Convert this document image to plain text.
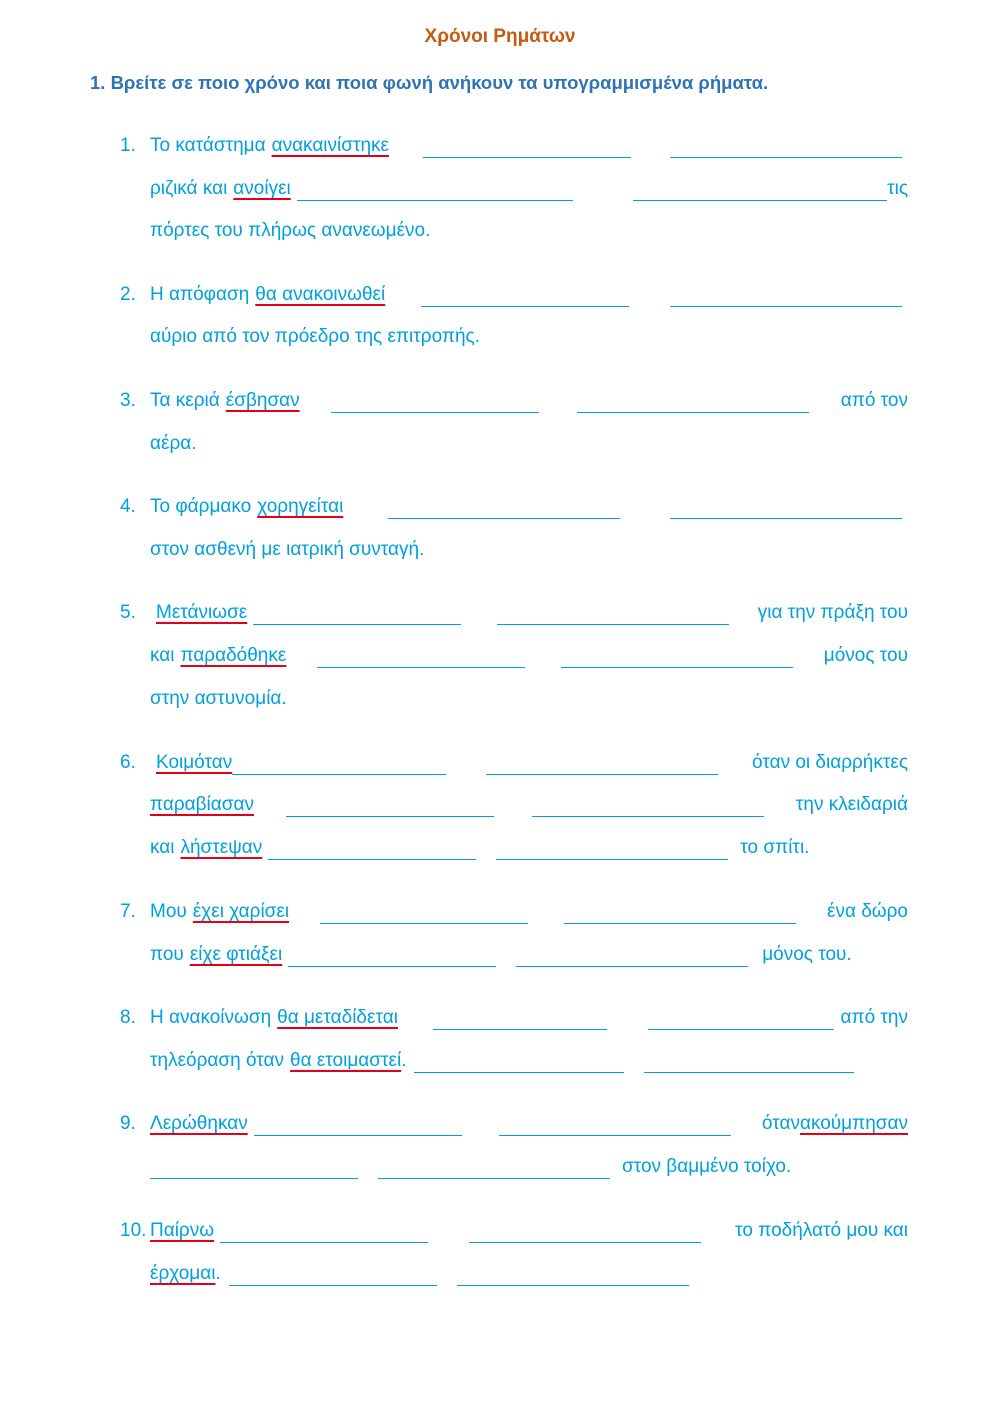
Χρόνοι Ρημάτων
1. Βρείτε σε ποιο χρόνο και ποια φωνή ανήκουν τα υπογραμμισμένα ρήματα.
1. Το κατάστημα ανακαινίστηκε
ριζικά και ανοίγει	τις
πόρτες του πλήρως ανανεωμένο.
2. Η απόφαση θα ανακοινωθεί
αύριο από τον πρόεδρο της επιτροπής.
3. Τα κεριά έσβησαν	από τον
αέρα.
4. Το φάρμακο χορηγείται
στον ασθενή με ιατρική συνταγή.
5. Μετάνιωσε	για την πράξη του
και παραδόθηκε	μόνος του
στην αστυνομία.
6. Κοιμόταν	όταν οι διαρρήκτες
παραβίασαν	την κλειδαριά
και λήστεψαν	το σπίτι.
7. Μου έχει χαρίσει	ένα δώρο
που είχε φτιάξει	μόνος του.
8. Η ανακοίνωση θα μεταδίδεται	από την
τηλεόραση όταν θα ετοιμαστεί .
9. Λερώθηκαν	όταν ακούμπησαν
στον βαμμένο τοίχο.
10. Παίρνω	το ποδήλατό μου και
έρχομαι .
